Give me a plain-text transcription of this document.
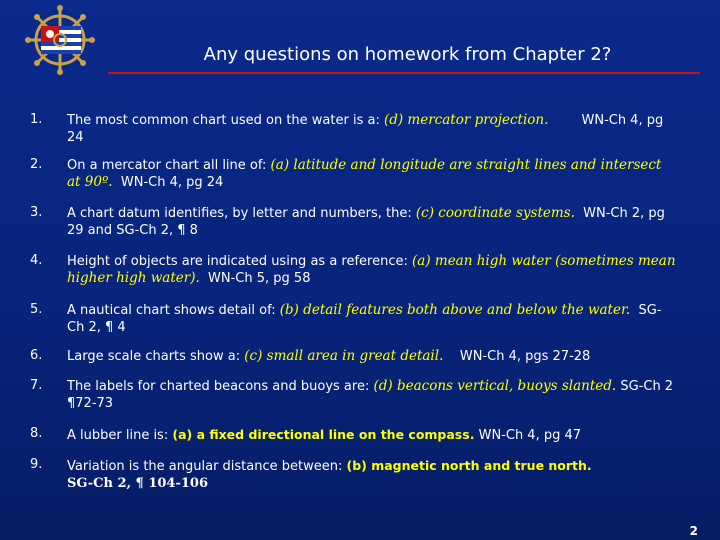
Any questions on homework from Chapter 2?
1.	The most common chart used on the water is a: (d) mercator projection.	WN-Ch 4, pg 24
2.	On a mercator chart all line of: (a) latitude and longitude are straight lines and intersect at 90º. WN-Ch 4, pg 24
3.	A chart datum identifies, by letter and numbers, the: (c) coordinate systems. WN-Ch 2, pg 29 and SG-Ch 2, ¶ 8
4.	Height of objects are indicated using as a reference: (a) mean high water (sometimes mean higher high water). WN-Ch 5, pg 58
5.	A nautical chart shows detail of: (b) detail features both above and below the water. SG-Ch 2, ¶ 4
6.	Large scale charts show a: (c) small area in great detail. WN-Ch 4, pgs 27-28
7.	The labels for charted beacons and buoys are: (d) beacons vertical, buoys slanted. SG-Ch 2 ¶72-73
8.	A lubber line is: (a) a fixed directional line on the compass. WN-Ch 4, pg 47
9.	Variation is the angular distance between: (b) magnetic north and true north.
SG-Ch 2, ¶ 104-106
2
